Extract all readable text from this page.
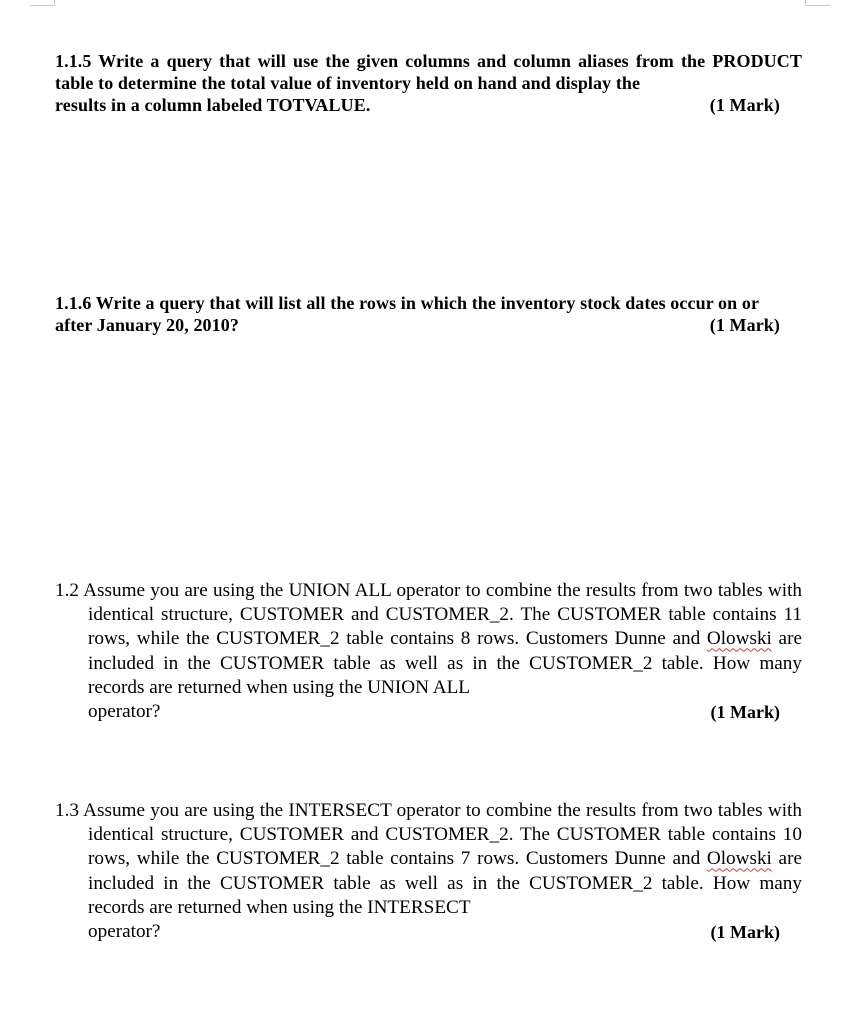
1.1.5 Write a query that will use the given columns and column aliases from the PRODUCT table to determine the total value of inventory held on hand and display the
results in a column labeled TOTVALUE.	(1 Mark)
1.1.6 Write a query that will list all the rows in which the inventory stock dates occur on or
after January 20, 2010?	(1 Mark)
1.2 Assume you are using the UNION ALL operator to combine the results from two tables with identical structure, CUSTOMER and CUSTOMER_2. The CUSTOMER table contains 11 rows, while the CUSTOMER_2 table contains 8 rows. Customers Dunne and Olowski are included in the CUSTOMER table as well as in the CUSTOMER_2 table. How many records are returned when using the UNION ALL
operator?	(1 Mark)
1.3 Assume you are using the INTERSECT operator to combine the results from two tables with identical structure, CUSTOMER and CUSTOMER_2. The CUSTOMER table contains 10 rows, while the CUSTOMER_2 table contains 7 rows. Customers Dunne and Olowski are included in the CUSTOMER table as well as in the CUSTOMER_2 table. How many records are returned when using the INTERSECT
operator?	(1 Mark)
